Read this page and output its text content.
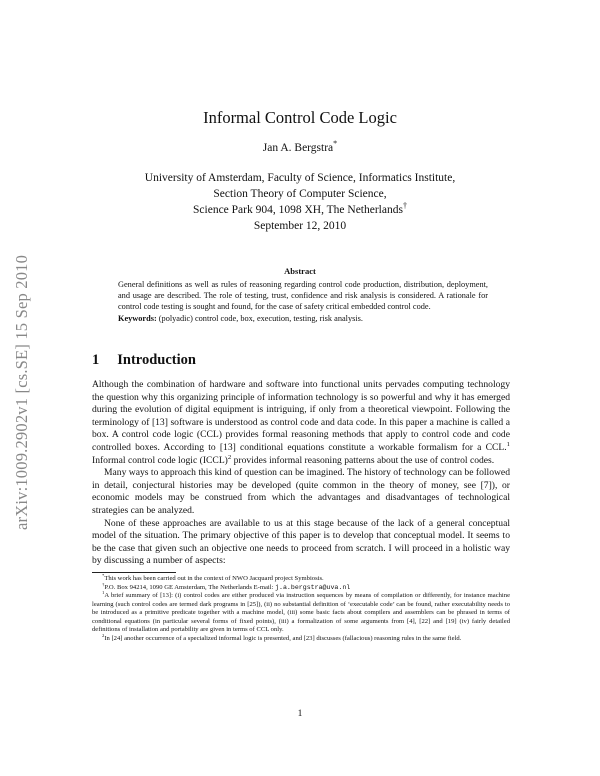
arXiv:1009.2902v1 [cs.SE] 15 Sep 2010
Informal Control Code Logic
Jan A. Bergstra*
University of Amsterdam, Faculty of Science, Informatics Institute,
Section Theory of Computer Science,
Science Park 904, 1098 XH, The Netherlands†
September 12, 2010
Abstract
General definitions as well as rules of reasoning regarding control code production, distribution, deployment, and usage are described. The role of testing, trust, confidence and risk analysis is considered. A rationale for control code testing is sought and found, for the case of safety critical embedded control code.
Keywords: (polyadic) control code, box, execution, testing, risk analysis.
1 Introduction

Although the combination of hardware and software into functional units pervades computing technology the question why this organizing principle of information technology is so powerful and why it has emerged during the evolution of digital equipment is intriguing, if only from a theoretical viewpoint. Following the terminology of [13] software is understood as control code and data code. In this paper a machine is called a box. A control code logic (CCL) provides formal reasoning methods that apply to control code and code controlled boxes. According to [13] conditional equations constitute a workable formalism for a CCL.$^1$ Informal control code logic (ICCL)$^2$ provides informal reasoning patterns about the use of control codes.

Many ways to approach this kind of question can be imagined. The history of technology can be followed in detail, conjectural histories may be developed (quite common in the theory of money, see [7]), or economic models may be construed from which the advantages and disadvantages of technological strategies can be analyzed.

None of these approaches are available to us at this stage because of the lack of a general conceptual model of the situation. The primary objective of this paper is to develop that conceptual model. It seems to be the case that given such an objective one needs to proceed from scratch. I will proceed in a holistic way by discussing a number of aspects:

*This work has been carried out in the context of NWO Jacquard project Symbiosis.

†P.O. Box 94214, 1090 GE Amsterdam, The Netherlands E-mail: j.a.bergstra@uva.nl

$^1$A brief summary of [13]: (i) control codes are either produced via instruction sequences by means of compilation or differently, for instance machine learning (such control codes are termed dark programs in [25]), (ii) no substantial definition of ‘executable code’ can be found, rather executability needs to be introduced as a primitive predicate together with a machine model, (iii) some basic facts about compilers and assemblers can be phrased in terms of conditional equations (in particular several forms of fixed points), (iii) a formalization of some arguments from [4], [22] and [19] (iv) fairly detailed definitions of installation and portability are given in terms of CCL only.

$^2$In [24] another occurrence of a specialized informal logic is presented, and [23] discusses (fallacious) reasoning rules in the same field.

1
